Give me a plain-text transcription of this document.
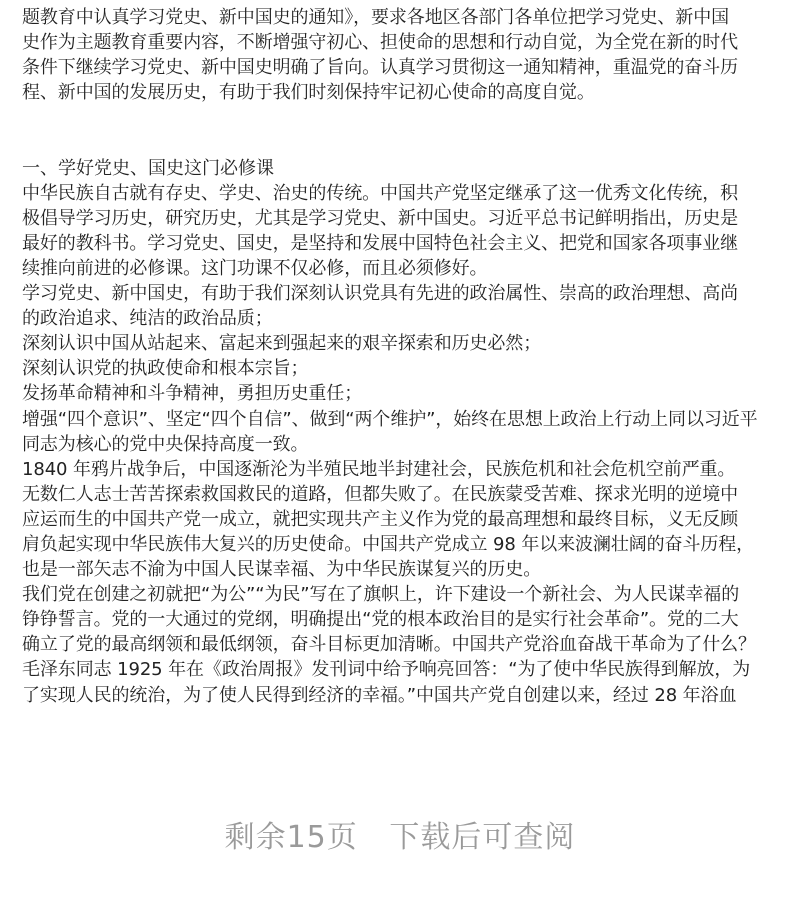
题教育中认真学习党史、新中国史的通知》，要求各地区各部门各单位把学习党史、新中国
史作为主题教育重要内容，不断增强守初心、担使命的思想和行动自觉，为全党在新的时代
条件下继续学习党史、新中国史明确了旨向。认真学习贯彻这一通知精神，重温党的奋斗历
程、新中国的发展历史，有助于我们时刻保持牢记初心使命的高度自觉。
一、学好党史、国史这门必修课
中华民族自古就有存史、学史、治史的传统。中国共产党坚定继承了这一优秀文化传统，积
极倡导学习历史，研究历史，尤其是学习党史、新中国史。习近平总书记鲜明指出，历史是
最好的教科书。学习党史、国史，是坚持和发展中国特色社会主义、把党和国家各项事业继
续推向前进的必修课。这门功课不仅必修，而且必须修好。
学习党史、新中国史，有助于我们深刻认识党具有先进的政治属性、崇高的政治理想、高尚
的政治追求、纯洁的政治品质；
深刻认识中国从站起来、富起来到强起来的艰辛探索和历史必然；
深刻认识党的执政使命和根本宗旨；
发扬革命精神和斗争精神，勇担历史重任；
增强“四个意识”、坚定“四个自信”、做到“两个维护”，始终在思想上政治上行动上同以习近平
同志为核心的党中央保持高度一致。
1840 年鸦片战争后，中国逐渐沦为半殖民地半封建社会，民族危机和社会危机空前严重。
无数仁人志士苦苦探索救国救民的道路，但都失败了。在民族蒙受苦难、探求光明的逆境中
应运而生的中国共产党一成立，就把实现共产主义作为党的最高理想和最终目标，义无反顾
肩负起实现中华民族伟大复兴的历史使命。中国共产党成立 98 年以来波澜壮阔的奋斗历程，
也是一部矢志不渝为中国人民谋幸福、为中华民族谋复兴的历史。
我们党在创建之初就把“为公”“为民”写在了旗帜上，许下建设一个新社会、为人民谋幸福的
铮铮誓言。党的一大通过的党纲，明确提出“党的根本政治目的是实行社会革命”。党的二大
确立了党的最高纲领和最低纲领，奋斗目标更加清晰。中国共产党浴血奋战干革命为了什么？
毛泽东同志 1925 年在《政治周报》发刊词中给予响亮回答：“为了使中华民族得到解放，为
了实现人民的统治，为了使人民得到经济的幸福。”中国共产党自创建以来，经过 28 年浴血
剩余15页   下载后可查阅
